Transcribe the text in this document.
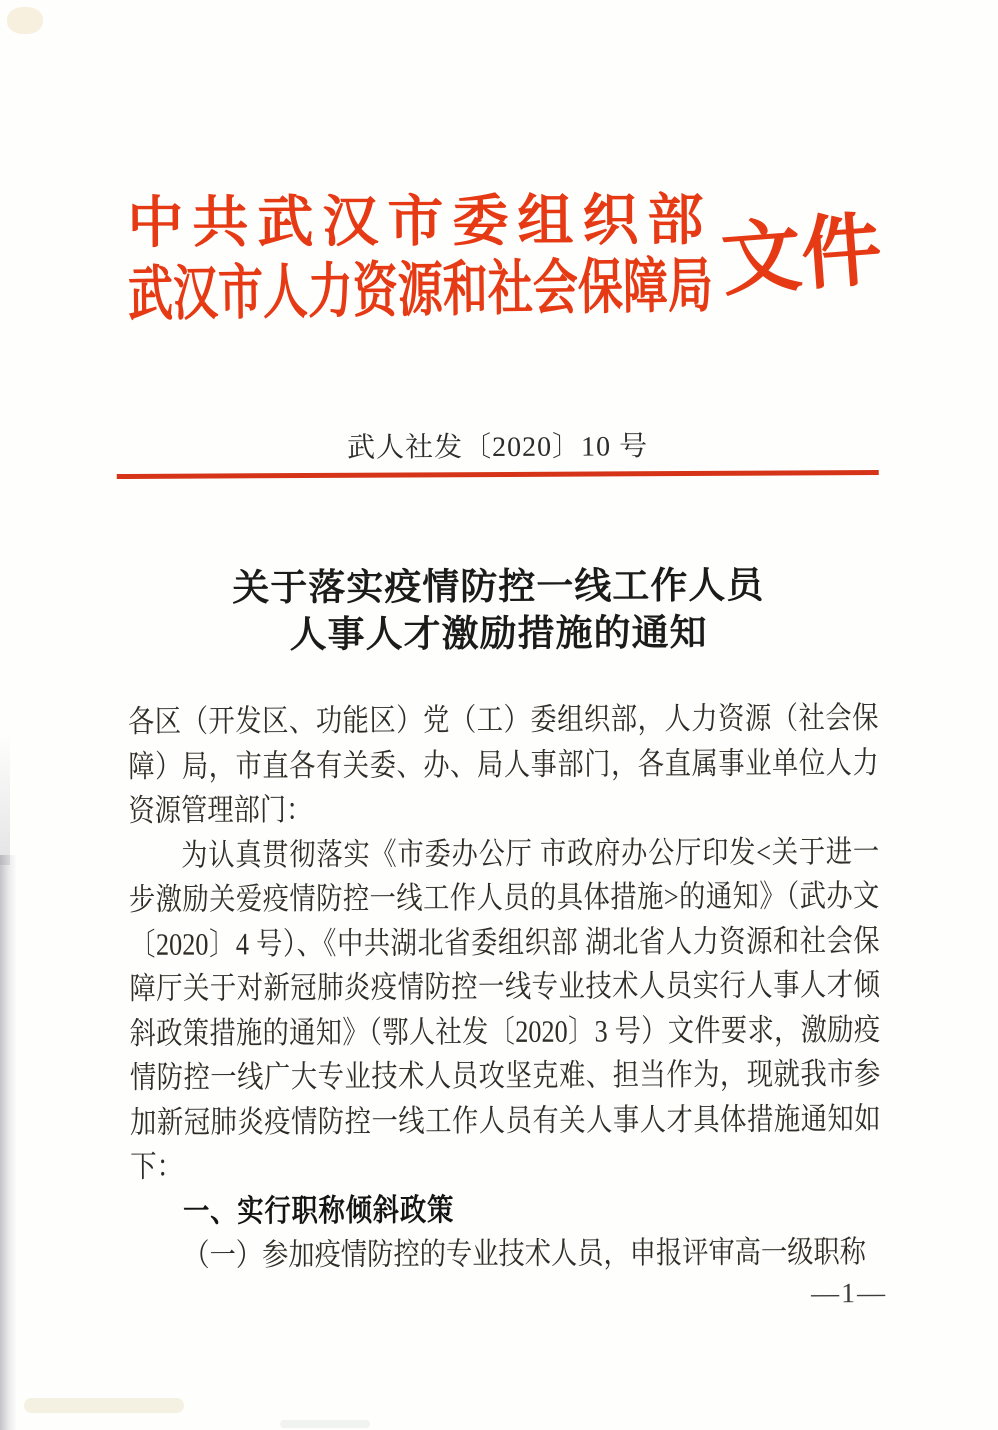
中共武汉市委组织部
武汉市人力资源和社会保障局 文件
武人社发〔2020〕10 号
关于落实疫情防控一线工作人员
人事人才激励措施的通知

各区（开发区、功能区）党（工）委组织部，人力资源（社会保障）局，市直各有关委、办、局人事部门，各直属事业单位人力资源管理部门：

为认真贯彻落实《市委办公厅 市政府办公厅印发<关于进一步激励关爱疫情防控一线工作人员的具体措施>的通知》（武办文〔2020〕4 号）、《中共湖北省委组织部 湖北省人力资源和社会保障厅关于对新冠肺炎疫情防控一线专业技术人员实行人事人才倾斜政策措施的通知》（鄂人社发〔2020〕3 号）文件要求，激励疫情防控一线广大专业技术人员攻坚克难、担当作为，现就我市参加新冠肺炎疫情防控一线工作人员有关人事人才具体措施通知如下：

一、实行职称倾斜政策

（一）参加疫情防控的专业技术人员，申报评审高一级职称

—1—
